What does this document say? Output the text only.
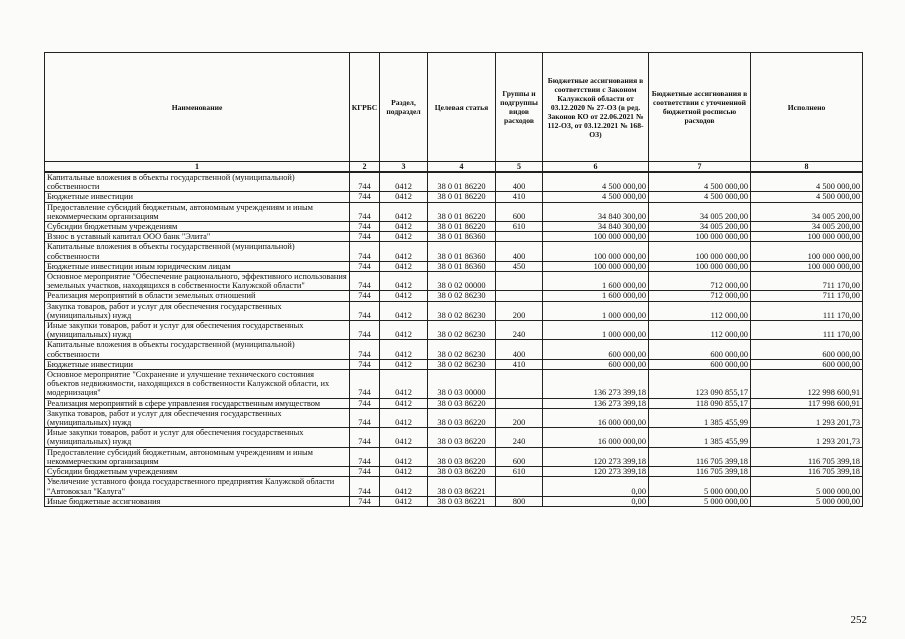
Наименование	КГРБС	Раздел, подраздел	Целевая статья	Группы и подгруппы видов расходов	Бюджетные ассигнования в соответствии с Законом Калужской области от 03.12.2020 № 27-ОЗ (в ред. Законов КО от 22.06.2021 № 112-ОЗ, от 03.12.2021 № 168-ОЗ)	Бюджетные ассигнования в соответствии с уточненной бюджетной росписью расходов	Исполнено
1	2	3	4	5	6	7	8
Капитальные вложения в объекты государственной (муниципальной) собственности	744	0412	38 0 01 86220	400	4 500 000,00	4 500 000,00	4 500 000,00
Бюджетные инвестиции	744	0412	38 0 01 86220	410	4 500 000,00	4 500 000,00	4 500 000,00
Предоставление субсидий бюджетным, автономным учреждениям и иным некоммерческим организациям	744	0412	38 0 01 86220	600	34 840 300,00	34 005 200,00	34 005 200,00
Субсидии бюджетным учреждениям	744	0412	38 0 01 86220	610	34 840 300,00	34 005 200,00	34 005 200,00
Взнос в уставный капитал ООО банк "Элита"	744	0412	38 0 01 86360		100 000 000,00	100 000 000,00	100 000 000,00
Капитальные вложения в объекты государственной (муниципальной) собственности	744	0412	38 0 01 86360	400	100 000 000,00	100 000 000,00	100 000 000,00
Бюджетные инвестиции иным юридическим лицам	744	0412	38 0 01 86360	450	100 000 000,00	100 000 000,00	100 000 000,00
Основное мероприятие "Обеспечение рационального, эффективного использования земельных участков, находящихся в собственности Калужской области"	744	0412	38 0 02 00000		1 600 000,00	712 000,00	711 170,00
Реализация мероприятий в области земельных отношений	744	0412	38 0 02 86230		1 600 000,00	712 000,00	711 170,00
Закупка товаров, работ и услуг для обеспечения государственных (муниципальных) нужд	744	0412	38 0 02 86230	200	1 000 000,00	112 000,00	111 170,00
Иные закупки товаров, работ и услуг для обеспечения государственных (муниципальных) нужд	744	0412	38 0 02 86230	240	1 000 000,00	112 000,00	111 170,00
Капитальные вложения в объекты государственной (муниципальной) собственности	744	0412	38 0 02 86230	400	600 000,00	600 000,00	600 000,00
Бюджетные инвестиции	744	0412	38 0 02 86230	410	600 000,00	600 000,00	600 000,00
Основное мероприятие "Сохранение и улучшение технического состояния объектов недвижимости, находящихся в собственности Калужской области, их модернизация"	744	0412	38 0 03 00000		136 273 399,18	123 090 855,17	122 998 600,91
Реализация мероприятий в сфере управления государственным имуществом	744	0412	38 0 03 86220		136 273 399,18	118 090 855,17	117 998 600,91
Закупка товаров, работ и услуг для обеспечения государственных (муниципальных) нужд	744	0412	38 0 03 86220	200	16 000 000,00	1 385 455,99	1 293 201,73
Иные закупки товаров, работ и услуг для обеспечения государственных (муниципальных) нужд	744	0412	38 0 03 86220	240	16 000 000,00	1 385 455,99	1 293 201,73
Предоставление субсидий бюджетным, автономным учреждениям и иным некоммерческим организациям	744	0412	38 0 03 86220	600	120 273 399,18	116 705 399,18	116 705 399,18
Субсидии бюджетным учреждениям	744	0412	38 0 03 86220	610	120 273 399,18	116 705 399,18	116 705 399,18
Увеличение уставного фонда государственного предприятия Калужской области "Автовокзал "Калуга"	744	0412	38 0 03 86221		0,00	5 000 000,00	5 000 000,00
Иные бюджетные ассигнования	744	0412	38 0 03 86221	800	0,00	5 000 000,00	5 000 000,00
252
